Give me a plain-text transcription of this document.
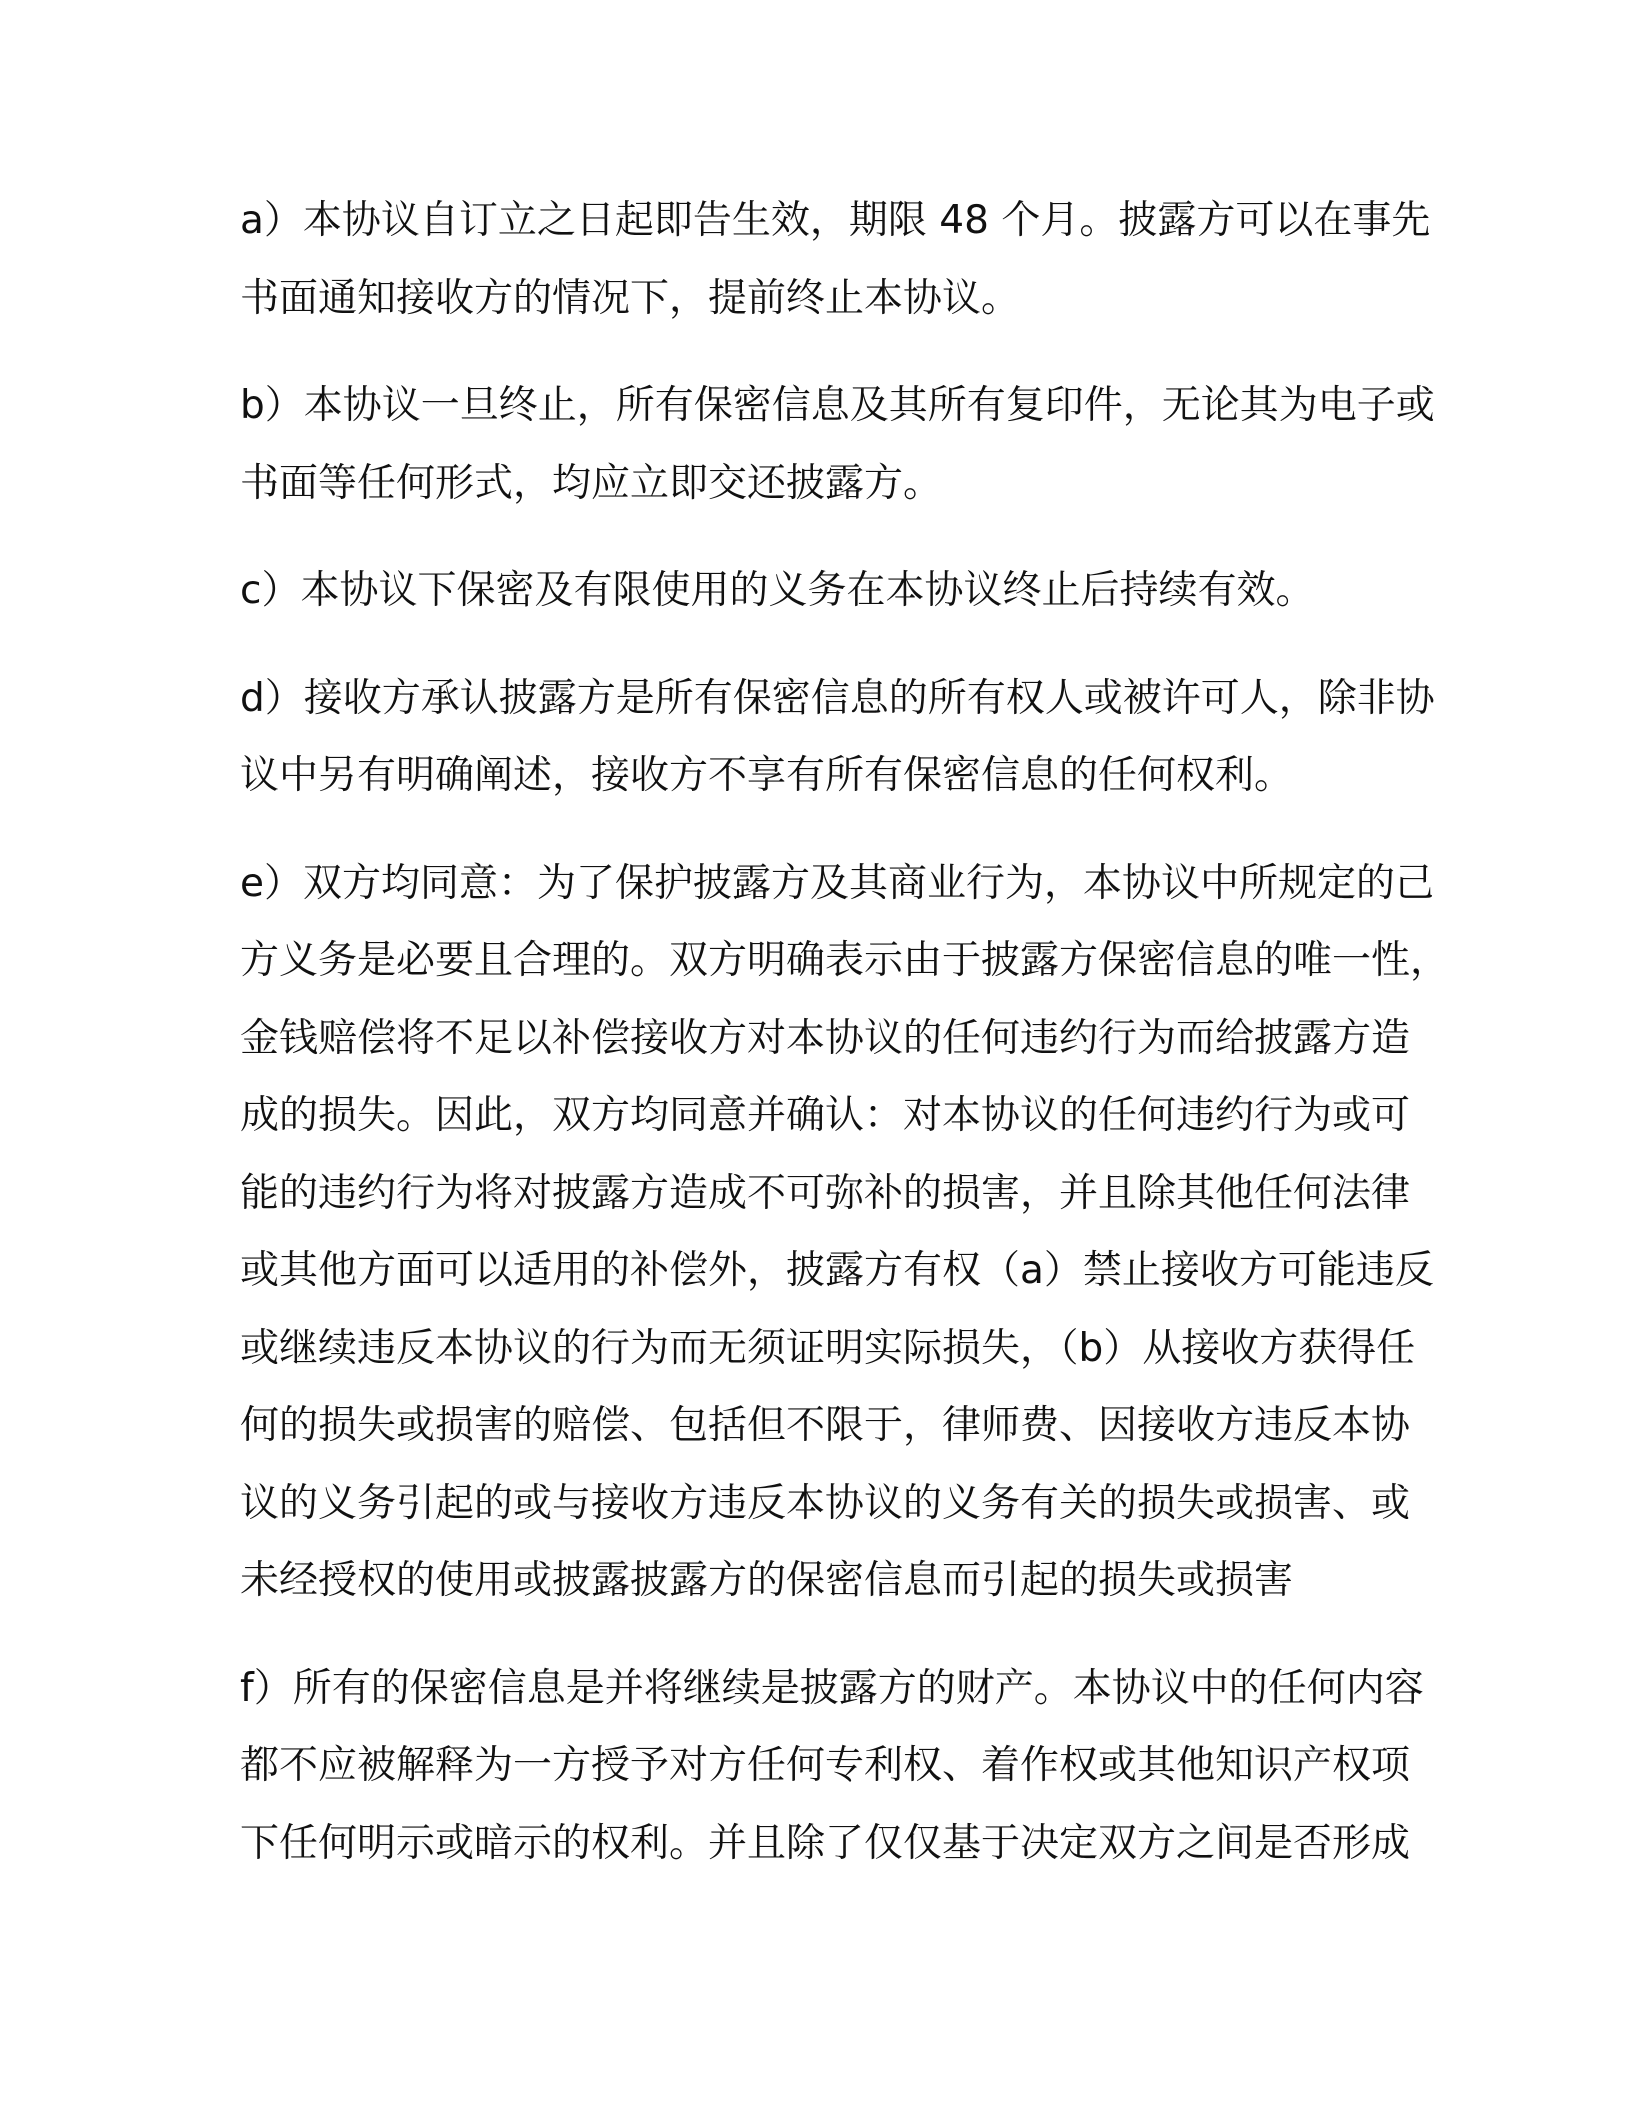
a）本协议自订立之日起即告生效，期限 48 个月。披露方可以在事先
书面通知接收方的情况下，提前终止本协议。
b）本协议一旦终止，所有保密信息及其所有复印件，无论其为电子或
书面等任何形式，均应立即交还披露方。
c）本协议下保密及有限使用的义务在本协议终止后持续有效。
d）接收方承认披露方是所有保密信息的所有权人或被许可人，除非协
议中另有明确阐述，接收方不享有所有保密信息的任何权利。
e）双方均同意：为了保护披露方及其商业行为，本协议中所规定的己
方义务是必要且合理的。双方明确表示由于披露方保密信息的唯一性，
金钱赔偿将不足以补偿接收方对本协议的任何违约行为而给披露方造
成的损失。因此，双方均同意并确认：对本协议的任何违约行为或可
能的违约行为将对披露方造成不可弥补的损害，并且除其他任何法律
或其他方面可以适用的补偿外，披露方有权（a）禁止接收方可能违反
或继续违反本协议的行为而无须证明实际损失，（b）从接收方获得任
何的损失或损害的赔偿、包括但不限于，律师费、因接收方违反本协
议的义务引起的或与接收方违反本协议的义务有关的损失或损害、或
未经授权的使用或披露披露方的保密信息而引起的损失或损害
f）所有的保密信息是并将继续是披露方的财产。本协议中的任何内容
都不应被解释为一方授予对方任何专利权、着作权或其他知识产权项
下任何明示或暗示的权利。并且除了仅仅基于决定双方之间是否形成
